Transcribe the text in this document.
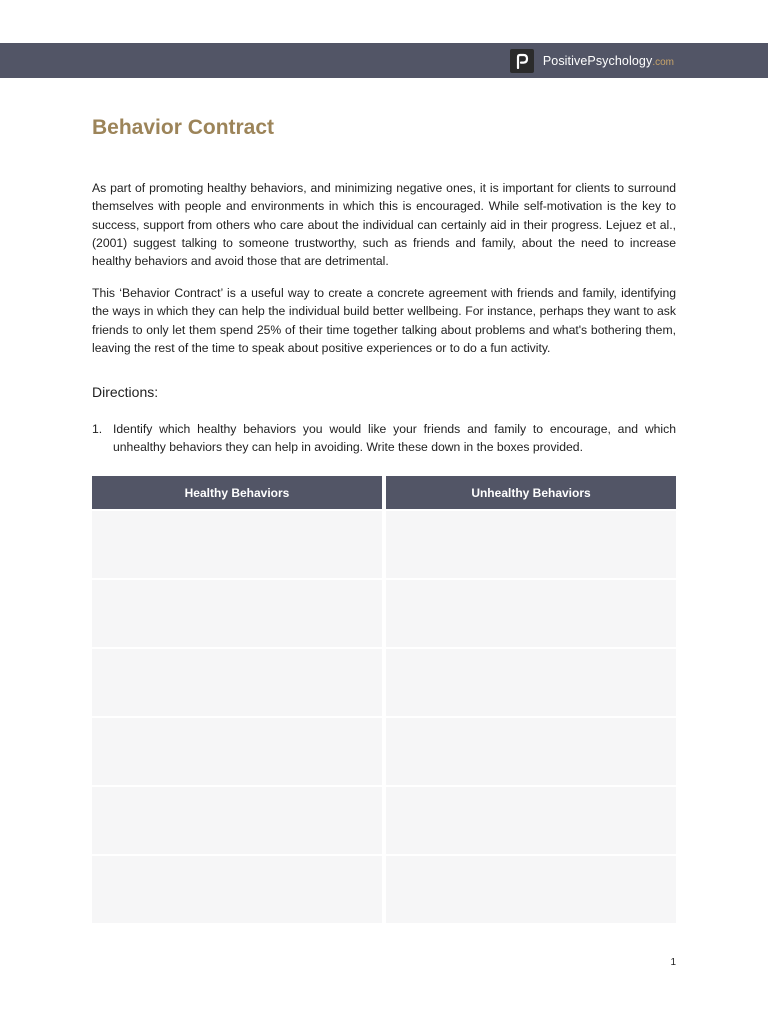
PositivePsychology.com
Behavior Contract

As part of promoting healthy behaviors, and minimizing negative ones, it is important for clients to surround themselves with people and environments in which this is encouraged. While self-motivation is the key to success, support from others who care about the individual can certainly aid in their progress. Lejuez et al., (2001) suggest talking to someone trustworthy, such as friends and family, about the need to increase healthy behaviors and avoid those that are detrimental.

This ‘Behavior Contract’ is a useful way to create a concrete agreement with friends and family, identifying the ways in which they can help the individual build better wellbeing. For instance, perhaps they want to ask friends to only let them spend 25% of their time together talking about problems and what's bothering them, leaving the rest of the time to speak about positive experiences or to do a fun activity.

Directions:
1. Identify which healthy behaviors you would like your friends and family to encourage, and which unhealthy behaviors they can help in avoiding. Write these down in the boxes provided.
Healthy Behaviors	Unhealthy Behaviors
1
